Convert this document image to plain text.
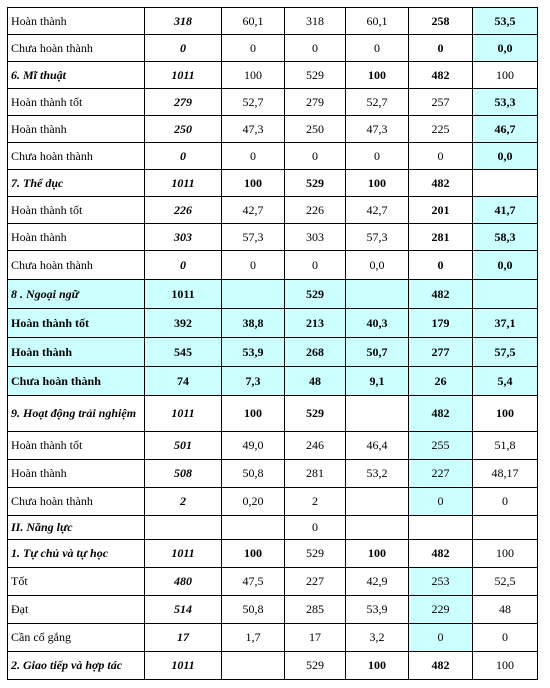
Hoàn thành	318	60,1	318	60,1	258	53,5
Chưa hoàn thành	0	0	0	0	0	0,0
6. Mĩ thuật	1011	100	529	100	482	100
Hoàn thành tốt	279	52,7	279	52,7	257	53,3
Hoàn thành	250	47,3	250	47,3	225	46,7
Chưa hoàn thành	0	0	0	0	0	0,0
7. Thể dục	1011	100	529	100	482	
Hoàn thành tốt	226	42,7	226	42,7	201	41,7
Hoàn thành	303	57,3	303	57,3	281	58,3
Chưa hoàn thành	0	0	0	0,0	0	0,0
8 . Ngoại ngữ	1011		529		482	
Hoàn thành tốt	392	38,8	213	40,3	179	37,1
Hoàn thành	545	53,9	268	50,7	277	57,5
Chưa hoàn thành	74	7,3	48	9,1	26	5,4
9. Hoạt động trải nghiệm	1011	100	529		482	100
Hoàn thành tốt	501	49,0	246	46,4	255	51,8
Hoàn thành	508	50,8	281	53,2	227	48,17
Chưa hoàn thành	2	0,20	2		0	0
II. Năng lực			0			
1. Tự chủ và tự học	1011	100	529	100	482	100
Tốt	480	47,5	227	42,9	253	52,5
Đạt	514	50,8	285	53,9	229	48
Cần cố gắng	17	1,7	17	3,2	0	0
2. Giao tiếp và hợp tác	1011		529	100	482	100
